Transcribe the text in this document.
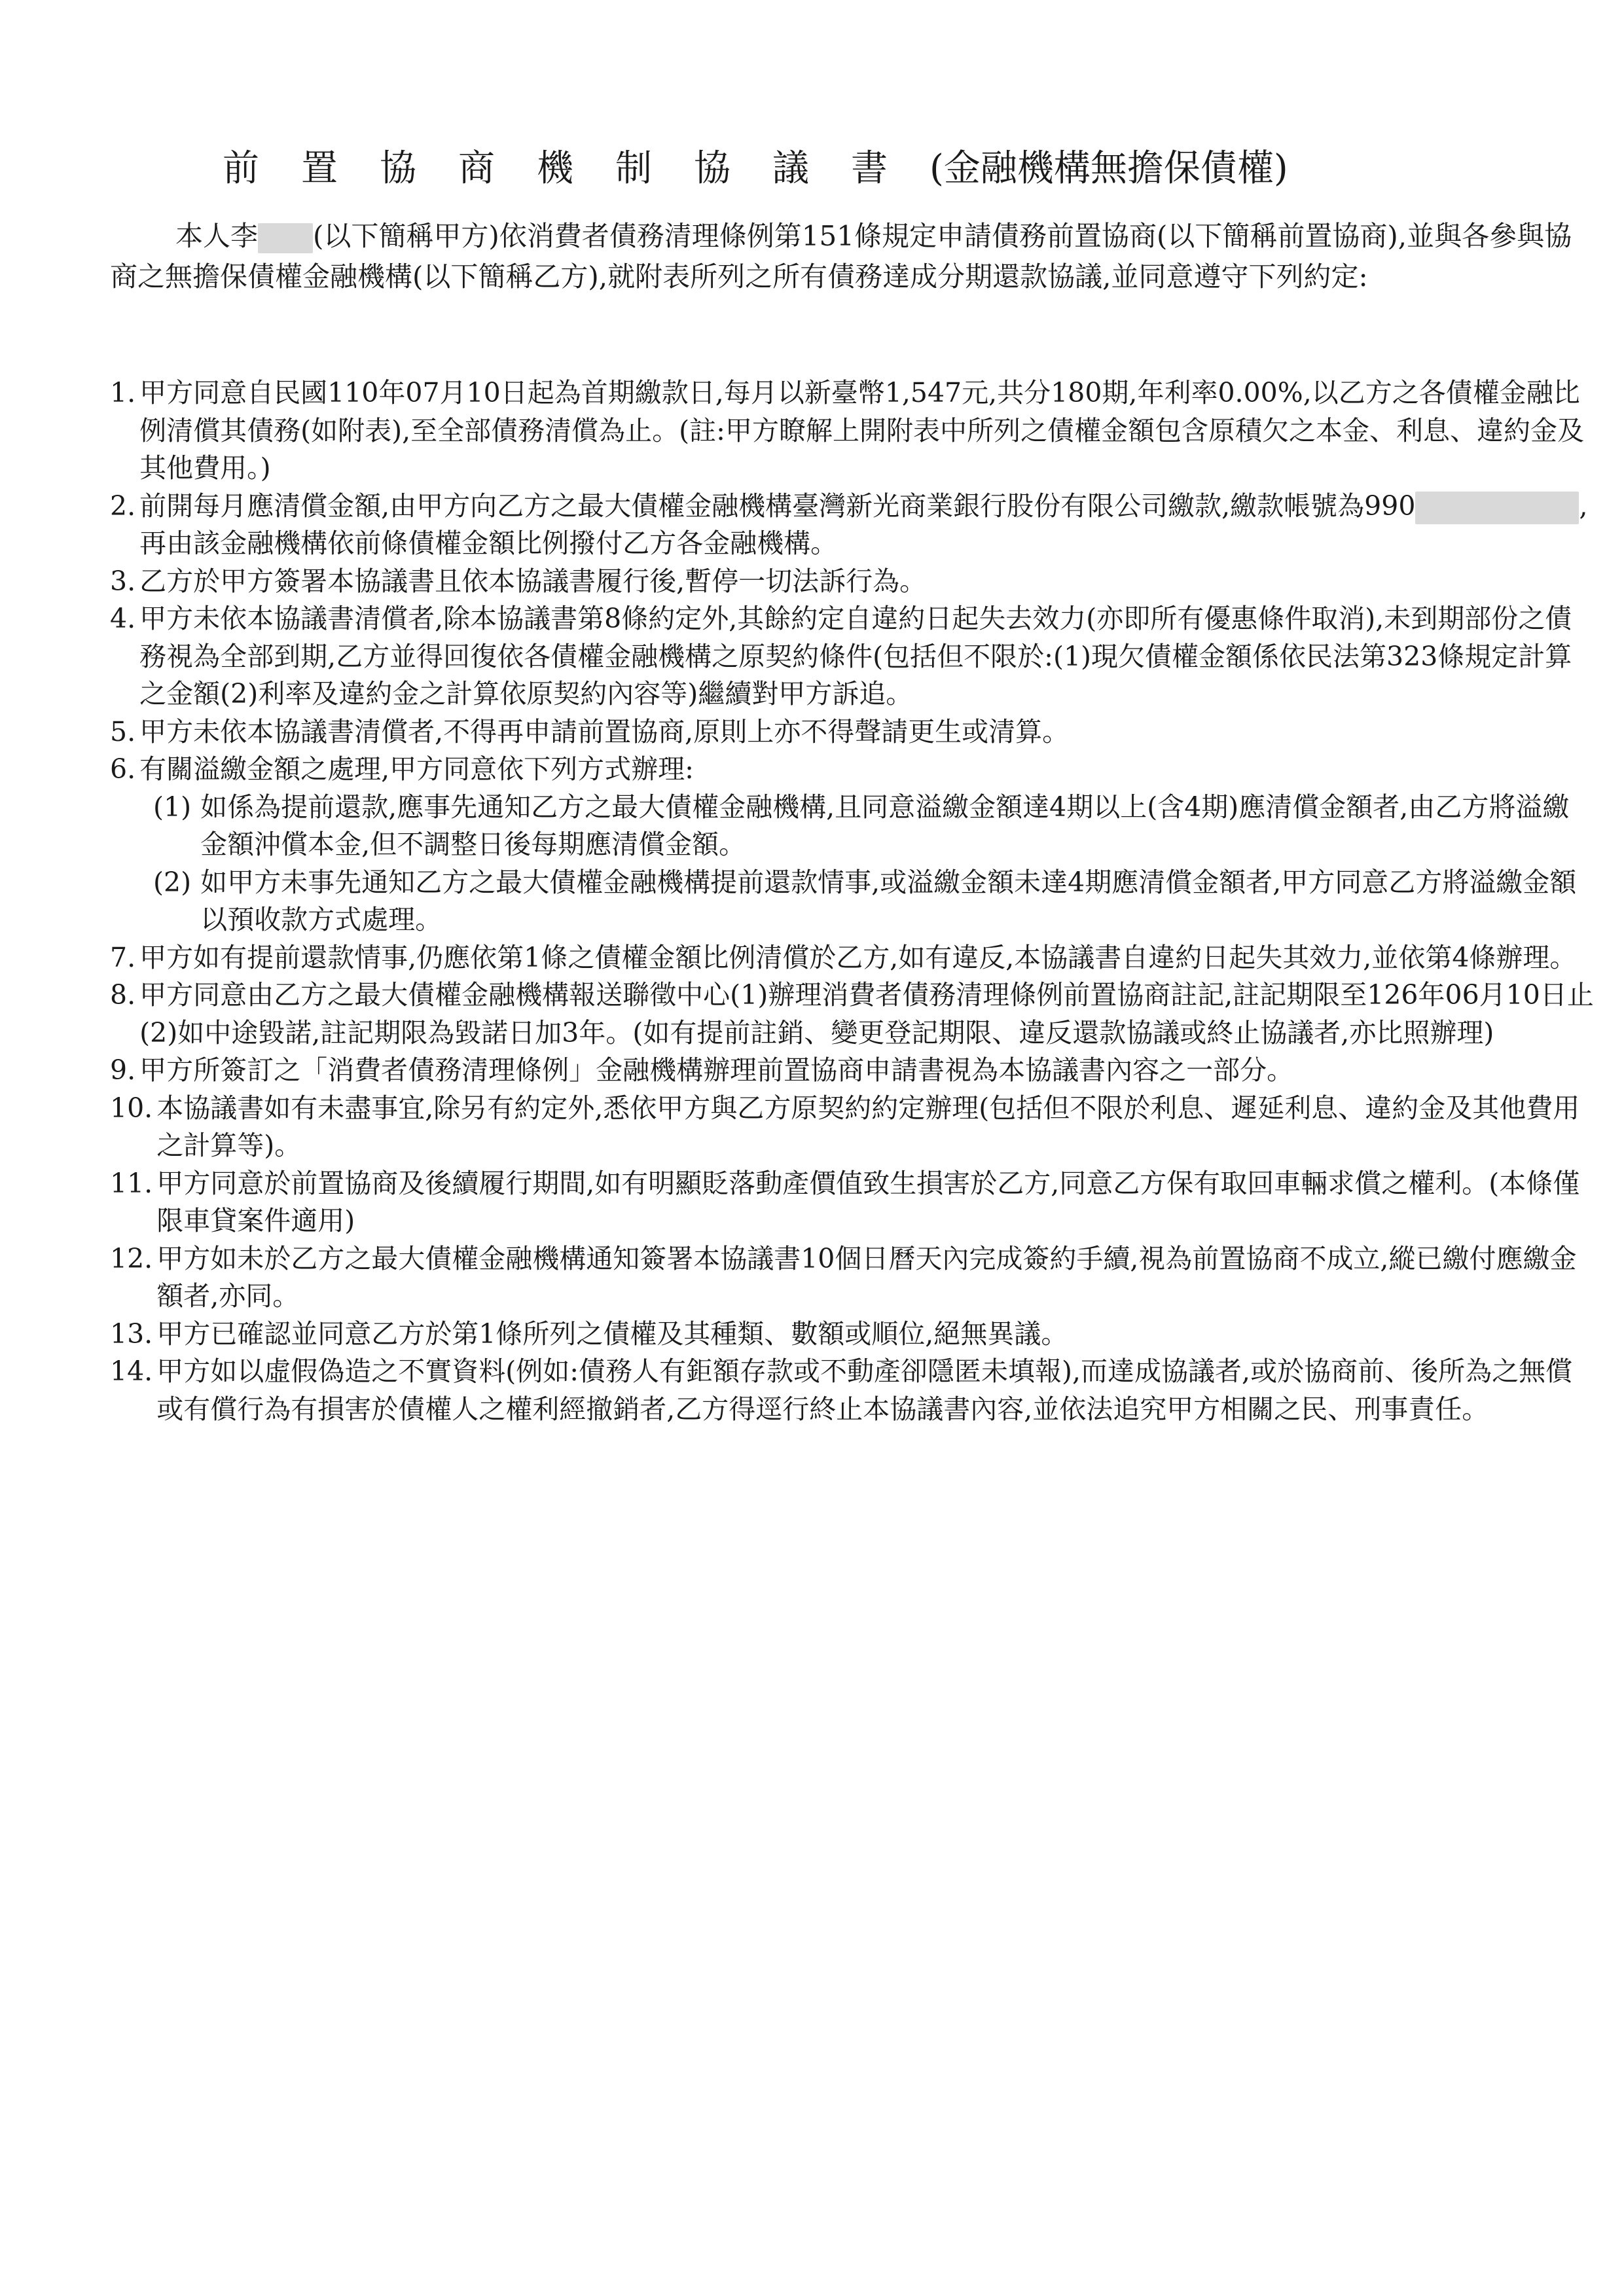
前置協商機制協議書(金融機構無擔保債權)
本人李 (以下簡稱甲方)依消費者債務清理條例第151條規定申請債務前置協商(以下簡稱前置協商),並與各參與協商之無擔保債權金融機構(以下簡稱乙方),就附表所列之所有債務達成分期還款協議,並同意遵守下列約定:
1. 甲方同意自民國110年07月10日起為首期繳款日,每月以新臺幣1,547元,共分180期,年利率0.00%,以乙方之各債權金融比例清償其債務(如附表),至全部債務清償為止。(註:甲方瞭解上開附表中所列之債權金額包含原積欠之本金、利息、違約金及其他費用。)
2. 前開每月應清償金額,由甲方向乙方之最大債權金融機構臺灣新光商業銀行股份有限公司繳款,繳款帳號為990	,再由該金融機構依前條債權金額比例撥付乙方各金融機構。
3. 乙方於甲方簽署本協議書且依本協議書履行後,暫停一切法訴行為。
4. 甲方未依本協議書清償者,除本協議書第8條約定外,其餘約定自違約日起失去效力(亦即所有優惠條件取消),未到期部份之債務視為全部到期,乙方並得回復依各債權金融機構之原契約條件(包括但不限於:(1)現欠債權金額係依民法第323條規定計算之金額(2)利率及違約金之計算依原契約內容等)繼續對甲方訴追。
5. 甲方未依本協議書清償者,不得再申請前置協商,原則上亦不得聲請更生或清算。
6. 有關溢繳金額之處理,甲方同意依下列方式辦理:
(1) 如係為提前還款,應事先通知乙方之最大債權金融機構,且同意溢繳金額達4期以上(含4期)應清償金額者,由乙方將溢繳金額沖償本金,但不調整日後每期應清償金額。
(2) 如甲方未事先通知乙方之最大債權金融機構提前還款情事,或溢繳金額未達4期應清償金額者,甲方同意乙方將溢繳金額以預收款方式處理。
7. 甲方如有提前還款情事,仍應依第1條之債權金額比例清償於乙方,如有違反,本協議書自違約日起失其效力,並依第4條辦理。
8. 甲方同意由乙方之最大債權金融機構報送聯徵中心(1)辦理消費者債務清理條例前置協商註記,註記期限至126年06月10日止(2)如中途毀諾,註記期限為毀諾日加3年。(如有提前註銷、變更登記期限、違反還款協議或終止協議者,亦比照辦理)
9. 甲方所簽訂之「消費者債務清理條例」金融機構辦理前置協商申請書視為本協議書內容之一部分。
10. 本協議書如有未盡事宜,除另有約定外,悉依甲方與乙方原契約約定辦理(包括但不限於利息、遲延利息、違約金及其他費用之計算等)。
11. 甲方同意於前置協商及後續履行期間,如有明顯貶落動產價值致生損害於乙方,同意乙方保有取回車輛求償之權利。(本條僅限車貸案件適用)
12. 甲方如未於乙方之最大債權金融機構通知簽署本協議書10個日曆天內完成簽約手續,視為前置協商不成立,縱已繳付應繳金額者,亦同。
13. 甲方已確認並同意乙方於第1條所列之債權及其種類、數額或順位,絕無異議。
14. 甲方如以虛假偽造之不實資料(例如:債務人有鉅額存款或不動產卻隱匿未填報),而達成協議者,或於協商前、後所為之無償或有償行為有損害於債權人之權利經撤銷者,乙方得逕行終止本協議書內容,並依法追究甲方相關之民、刑事責任。
